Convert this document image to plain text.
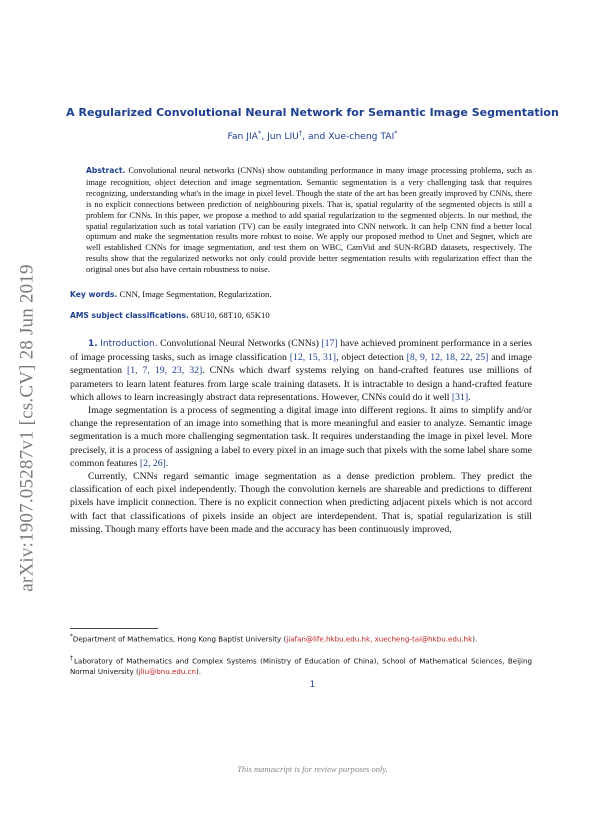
arXiv:1907.05287v1 [cs.CV] 28 Jun 2019
A Regularized Convolutional Neural Network for Semantic Image Segmentation
Fan JIA*, Jun LIU†, and Xue-cheng TAI*
Abstract. Convolutional neural networks (CNNs) show outstanding performance in many image processing problems, such as image recognition, object detection and image segmentation. Semantic segmentation is a very challenging task that requires recognizing, understanding what's in the image in pixel level. Though the state of the art has been greatly improved by CNNs, there is no explicit connections between prediction of neighbouring pixels. That is, spatial regularity of the segmented objects is still a problem for CNNs. In this paper, we propose a method to add spatial regularization to the segmented objects. In our method, the spatial regularization such as total variation (TV) can be easily integrated into CNN network. It can help CNN find a better local optimum and make the segmentation results more robust to noise. We apply our proposed method to Unet and Segnet, which are well established CNNs for image segmentation, and test them on WBC, CamVid and SUN-RGBD datasets, respectively. The results show that the regularized networks not only could provide better segmentation results with regularization effect than the original ones but also have certain robustness to noise.
Key words. CNN, Image Segmentation, Regularization.
AMS subject classifications. 68U10, 68T10, 65K10

1. Introduction. Convolutional Neural Networks (CNNs) [17] have achieved prominent performance in a series of image processing tasks, such as image classification [12, 15, 31], object detection [8, 9, 12, 18, 22, 25] and image segmentation [1, 7, 19, 23, 32]. CNNs which dwarf systems relying on hand-crafted features use millions of parameters to learn latent features from large scale training datasets. It is intractable to design a hand-crafted feature which allows to learn increasingly abstract data representations. However, CNNs could do it well [31].

Image segmentation is a process of segmenting a digital image into different regions. It aims to simplify and/or change the representation of an image into something that is more meaningful and easier to analyze. Semantic image segmentation is a much more challenging segmentation task. It requires understanding the image in pixel level. More precisely, it is a process of assigning a label to every pixel in an image such that pixels with the some label share some common features [2, 26].

Currently, CNNs regard semantic image segmentation as a dense prediction problem. They predict the classification of each pixel independently. Though the convolution kernels are shareable and predictions to different pixels have implicit connection. There is no explicit connection when predicting adjacent pixels which is not accord with fact that classifications of pixels inside an object are interdependent. That is, spatial regularization is still missing. Though many efforts have been made and the accuracy has been continuously improved,

*Department of Mathematics, Hong Kong Baptist University (jiafan@life.hkbu.edu.hk, xuecheng-tai@hkbu.edu.hk).
†Laboratory of Mathematics and Complex Systems (Ministry of Education of China), School of Mathematical Sciences, Beijing Normal University (jliu@bnu.edu.cn).
1
This manuscript is for review purposes only.
